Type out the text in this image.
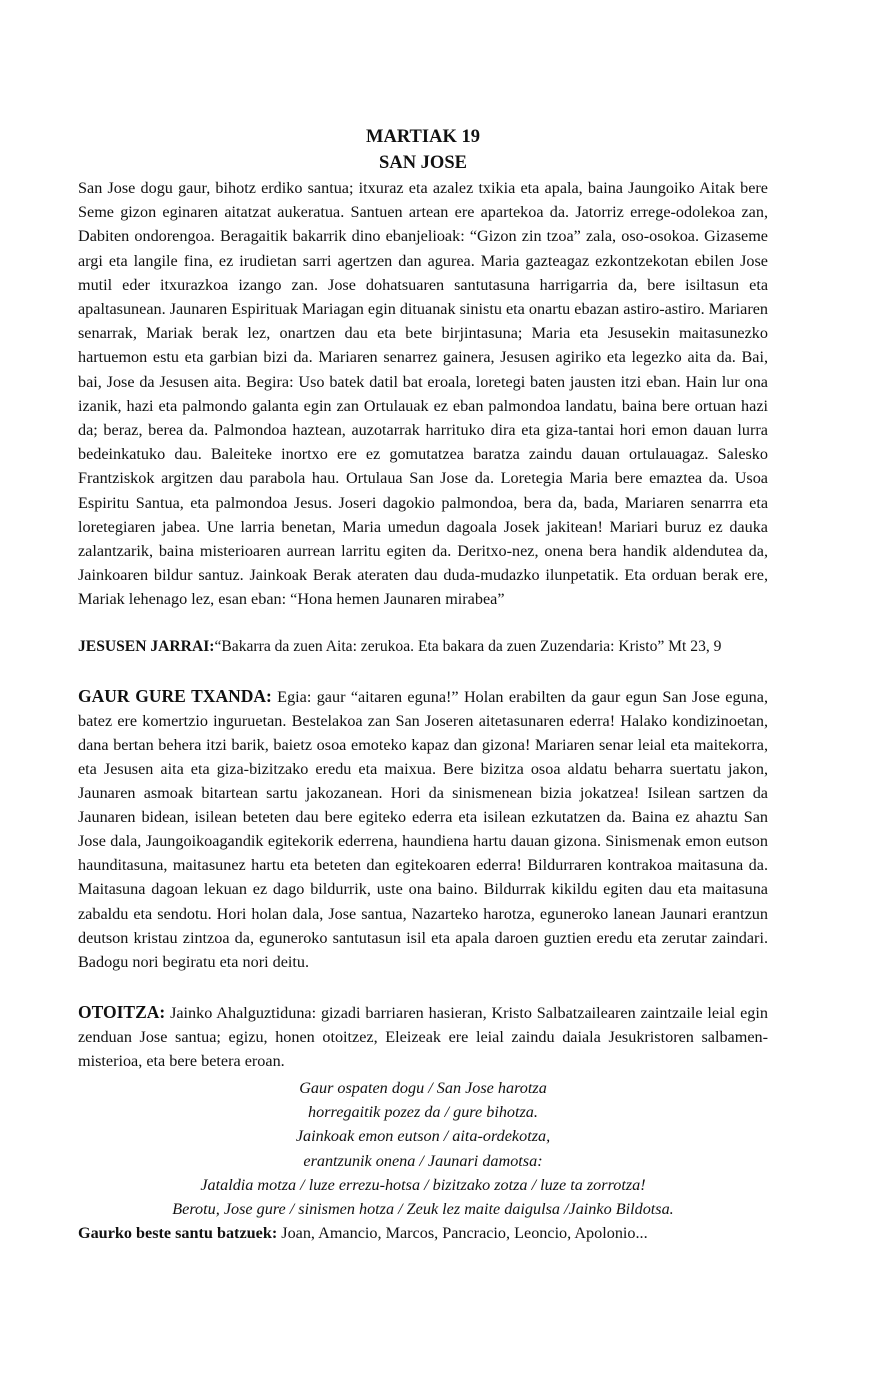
MARTIAK 19
SAN JOSE

San Jose dogu gaur, bihotz erdiko santua; itxuraz eta azalez txikia eta apala, baina Jaungoiko Aitak bere Seme gizon eginaren aitatzat aukeratua. Santuen artean ere apartekoa da. Jatorriz errege-odolekoa zan, Dabiten ondorengoa. Beragaitik bakarrik dino ebanjelioak: “Gizon zin tzoa” zala, oso-osokoa. Gizaseme argi eta langile fina, ez irudietan sarri agertzen dan agurea. Maria gazteagaz ezkontzekotan ebilen Jose mutil eder itxurazkoa izango zan. Jose dohatsuaren santutasuna harrigarria da, bere isiltasun eta apaltasunean. Jaunaren Espirituak Mariagan egin dituanak sinistu eta onartu ebazan astiro-astiro. Mariaren senarrak, Mariak berak lez, onartzen dau eta bete birjintasuna; Maria eta Jesusekin maitasunezko hartuemon estu eta garbian bizi da. Mariaren senarrez gainera, Jesusen agiriko eta legezko aita da. Bai, bai, Jose da Jesusen aita. Begira: Uso batek datil bat eroala, loretegi baten jausten itzi eban. Hain lur ona izanik, hazi eta palmondo galanta egin zan Ortulauak ez eban palmondoa landatu, baina bere ortuan hazi da; beraz, berea da. Palmondoa haztean, auzotarrak harrituko dira eta giza-tantai hori emon dauan lurra bedeinkatuko dau. Baleiteke inortxo ere ez gomutatzea baratza zaindu dauan ortulauagaz. Salesko Frantziskok argitzen dau parabola hau. Ortulaua San Jose da. Loretegia Maria bere emaztea da. Usoa Espiritu Santua, eta palmondoa Jesus. Joseri dagokio palmondoa, bera da, bada, Mariaren senarrra eta loretegiaren jabea. Une larria benetan, Maria umedun dagoala Josek jakitean! Mariari buruz ez dauka zalantzarik, baina misterioaren aurrean larritu egiten da. Deritxo-nez, onena bera handik aldendutea da, Jainkoaren bildur santuz. Jainkoak Berak ateraten dau duda-mudazko ilunpetatik. Eta orduan berak ere, Mariak lehenago lez, esan eban: “Hona hemen Jaunaren mirabea”

JESUSEN JARRAI:“Bakarra da zuen Aita: zerukoa. Eta bakara da zuen Zuzendaria: Kristo” Mt 23, 9

GAUR GURE TXANDA: Egia: gaur “aitaren eguna!” Holan erabilten da gaur egun San Jose eguna, batez ere komertzio inguruetan. Bestelakoa zan San Joseren aitetasunaren ederra! Halako kondizinoetan, dana bertan behera itzi barik, baietz osoa emoteko kapaz dan gizona! Mariaren senar leial eta maitekorra, eta Jesusen aita eta giza-bizitzako eredu eta maixua. Bere bizitza osoa aldatu beharra suertatu jakon, Jaunaren asmoak bitartean sartu jakozanean. Hori da sinismenean bizia jokatzea! Isilean sartzen da Jaunaren bidean, isilean beteten dau bere egiteko ederra eta isilean ezkutatzen da. Baina ez ahaztu San Jose dala, Jaungoikoagandik egitekorik ederrena, haundiena hartu dauan gizona. Sinismenak emon eutson haunditasuna, maitasunez hartu eta beteten dan egitekoaren ederra! Bildurraren kontrakoa maitasuna da. Maitasuna dagoan lekuan ez dago bildurrik, uste ona baino. Bildurrak kikildu egiten dau eta maitasuna zabaldu eta sendotu. Hori holan dala, Jose santua, Nazarteko harotza, eguneroko lanean Jaunari erantzun deutson kristau zintzoa da, eguneroko santutasun isil eta apala daroen guztien eredu eta zerutar zaindari. Badogu nori begiratu eta nori deitu.

OTOITZA: Jainko Ahalguztiduna: gizadi barriaren hasieran, Kristo Salbatzailearen zaintzaile leial egin zenduan Jose santua; egizu, honen otoitzez, Eleizeak ere leial zaindu daiala Jesukristoren salbamen-misterioa, eta bere betera eroan.

Gaur ospaten dogu / San Jose harotza
horregaitik pozez da / gure bihotza.
Jainkoak emon eutson / aita-ordekotza,
erantzunik onena / Jaunari damotsa:
Jataldia motza / luze errezu-hotsa / bizitzako zotza / luze ta zorrotza!
Berotu, Jose gure / sinismen hotza / Zeuk lez maite daigulsa /Jainko Bildotsa.

Gaurko beste santu batzuek: Joan, Amancio, Marcos, Pancracio, Leoncio, Apolonio...
